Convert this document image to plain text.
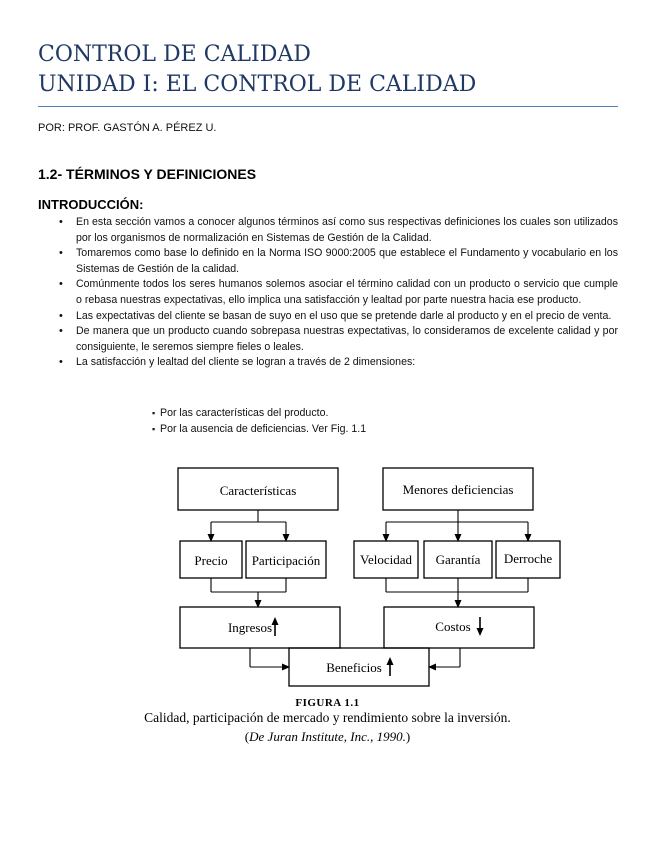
CONTROL DE CALIDAD
UNIDAD I: EL CONTROL DE CALIDAD
POR: PROF. GASTÓN A. PÉREZ U.
1.2- TÉRMINOS Y DEFINICIONES
INTRODUCCIÓN:
• En esta sección vamos a conocer algunos términos así como sus respectivas definiciones los cuales son utilizados por los organismos de normalización en Sistemas de Gestión de la Calidad.
• Tomaremos como base lo definido en la Norma ISO 9000:2005 que establece el Fundamento y vocabulario en los Sistemas de Gestión de la calidad.
• Comúnmente todos los seres humanos solemos asociar el término calidad con un producto o servicio que cumple o rebasa nuestras expectativas, ello implica una satisfacción y lealtad por parte nuestra hacia ese producto.
• Las expectativas del cliente se basan de suyo en el uso que se pretende darle al producto y en el precio de venta.
• De manera que un producto cuando sobrepasa nuestras expectativas, lo consideramos de excelente calidad y por consiguiente, le seremos siempre fieles o leales.
• La satisfacción y lealtad del cliente se logran a través de 2 dimensiones:
▪ Por las características del producto.
▪ Por la ausencia de deficiencias. Ver Fig. 1.1
Características	Menores deficiencias
Precio Participación	Velocidad Garantía Derroche
Ingresos	Costos
Beneficios
FIGURA 1.1
Calidad, participación de mercado y rendimiento sobre la inversión.
(De Juran Institute, Inc., 1990.)
